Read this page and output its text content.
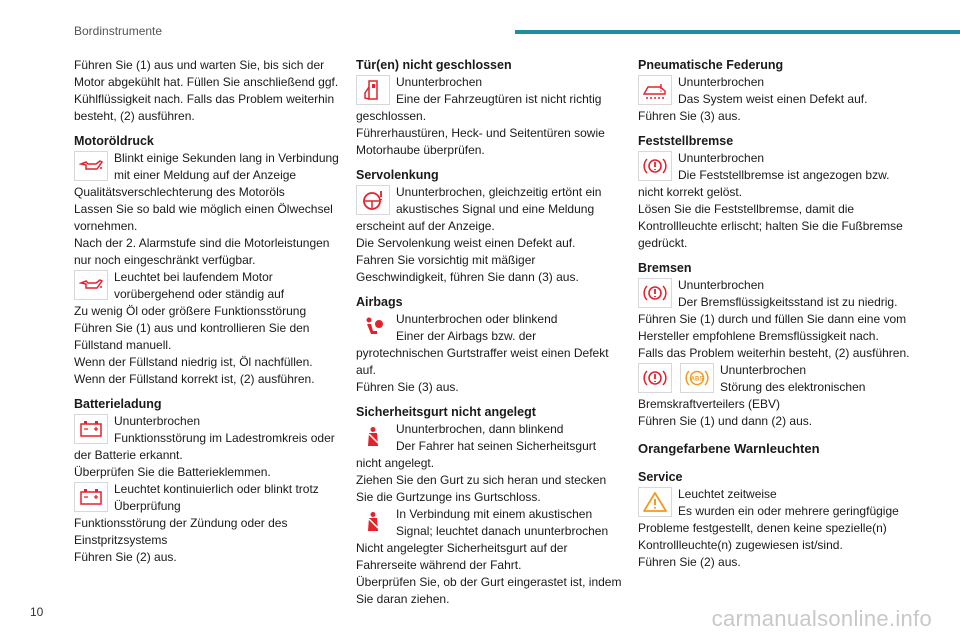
Bordinstrumente

Führen Sie (1) aus und warten Sie, bis sich der Motor abgekühlt hat. Füllen Sie anschließend ggf. Kühlflüssigkeit nach. Falls das Problem weiterhin besteht, (2) ausführen.

Motoröldruck
Blinkt einige Sekunden lang in Verbindung mit einer Meldung auf der Anzeige

Qualitätsverschlechterung des Motoröls

Lassen Sie so bald wie möglich einen Ölwechsel vornehmen.

Nach der 2. Alarmstufe sind die Motorleistungen nur noch eingeschränkt verfügbar.

Leuchtet bei laufendem Motor vorübergehend oder ständig auf

Zu wenig Öl oder größere Funktionsstörung

Führen Sie (1) aus und kontrollieren Sie den Füllstand manuell.

Wenn der Füllstand niedrig ist, Öl nachfüllen.

Wenn der Füllstand korrekt ist, (2) ausführen.

Batterieladung
Ununterbrochen
Funktionsstörung im Ladestromkreis oder der Batterie erkannt.

Überprüfen Sie die Batterieklemmen.

Leuchtet kontinuierlich oder blinkt trotz Überprüfung

Funktionsstörung der Zündung oder des Einstpritzsystems

Führen Sie (2) aus.

Tür(en) nicht geschlossen
Ununterbrochen
Eine der Fahrzeugtüren ist nicht richtig geschlossen.

Führerhaustüren, Heck- und Seitentüren sowie Motorhaube überprüfen.

Servolenkung
Ununterbrochen, gleichzeitig ertönt ein akustisches Signal und eine Meldung erscheint auf der Anzeige.

Die Servolenkung weist einen Defekt auf.

Fahren Sie vorsichtig mit mäßiger Geschwindigkeit, führen Sie dann (3) aus.

Airbags
Ununterbrochen oder blinkend
Einer der Airbags bzw. der pyrotechnischen Gurtstraffer weist einen Defekt auf.

Führen Sie (3) aus.

Sicherheitsgurt nicht angelegt
Ununterbrochen, dann blinkend
Der Fahrer hat seinen Sicherheitsgurt nicht angelegt.

Ziehen Sie den Gurt zu sich heran und stecken Sie die Gurtzunge ins Gurtschloss.

In Verbindung mit einem akustischen Signal; leuchtet danach ununterbrochen

Nicht angelegter Sicherheitsgurt auf der Fahrerseite während der Fahrt.

Überprüfen Sie, ob der Gurt eingerastet ist, indem Sie daran ziehen.

Pneumatische Federung
Ununterbrochen
Das System weist einen Defekt auf.

Führen Sie (3) aus.

Feststellbremse
Ununterbrochen
Die Feststellbremse ist angezogen bzw. nicht korrekt gelöst.

Lösen Sie die Feststellbremse, damit die Kontrollleuchte erlischt; halten Sie die Fußbremse gedrückt.

Bremsen
Ununterbrochen
Der Bremsflüssigkeitsstand ist zu niedrig.

Führen Sie (1) durch und füllen Sie dann eine vom Hersteller empfohlene Bremsflüssigkeit nach.

Falls das Problem weiterhin besteht, (2) ausführen.

ABS
Ununterbrochen
Störung des elektronischen Bremskraftverteilers (EBV)

Führen Sie (1) und dann (2) aus.

Orangefarbene Warnleuchten
Service
Leuchtet zeitweise
Es wurden ein oder mehrere geringfügige Probleme festgestellt, denen keine spezielle(n) Kontrollleuchte(n) zugewiesen ist/sind.

Führen Sie (2) aus.

10	carmanualsonline.info
